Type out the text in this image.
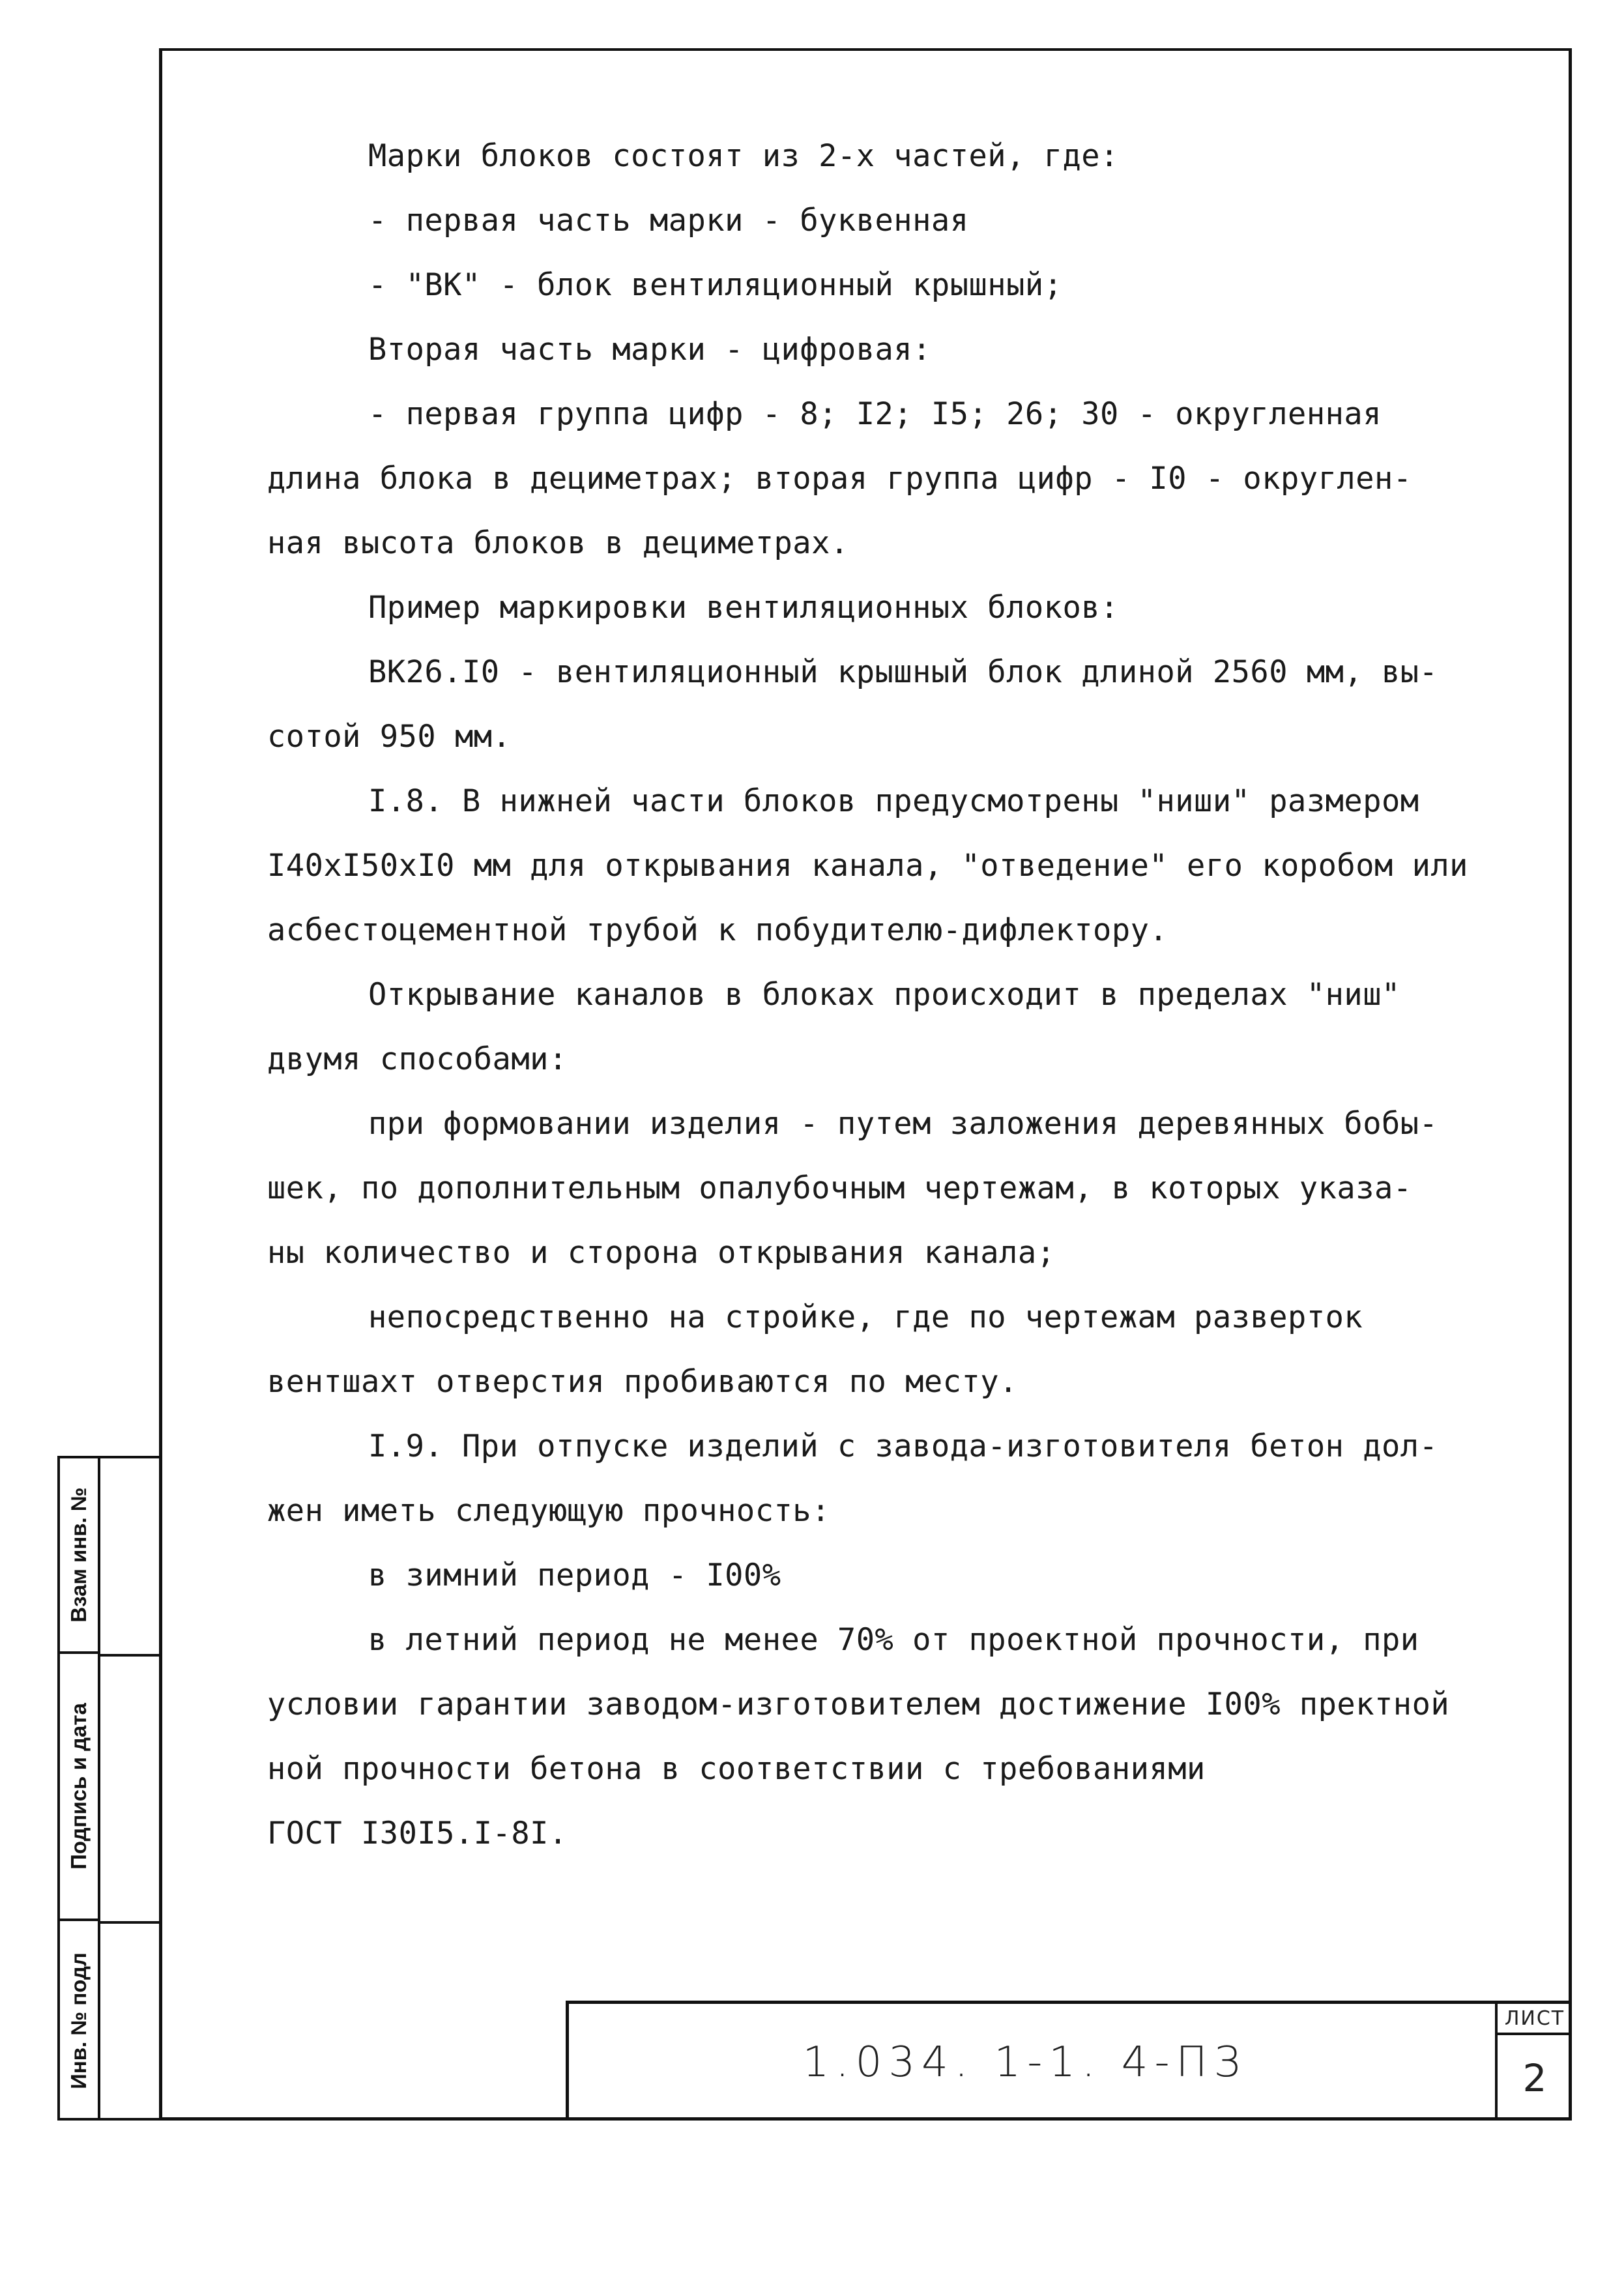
Марки блоков состоят из 2-х частей, где:

- первая часть марки - буквенная

- "ВК" - блок вентиляционный крышный;

Вторая часть марки - цифровая:

- первая группа цифр - 8; I2; I5; 26; 30 - округленная

длина блока в дециметрах; вторая группа цифр - I0 - округлен-

ная высота блоков в дециметрах.

Пример маркировки вентиляционных блоков:

ВК26.I0 - вентиляционный крышный блок длиной 2560 мм, вы-

сотой 950 мм.

I.8. В нижней части блоков предусмотрены "ниши" размером

I40xI50xI0 мм для открывания канала, "отведение" его коробом или

асбестоцементной трубой к побудителю-дифлектору.

Открывание каналов в блоках происходит в пределах "ниш"

двумя способами:

при формовании изделия - путем заложения деревянных бобы-

шек, по дополнительным опалубочным чертежам, в которых указа-

ны количество и сторона открывания канала;

непосредственно на стройке, где по чертежам разверток

вентшахт отверстия пробиваются по месту.

I.9. При отпуске изделий с завода-изготовителя бетон дол-

жен иметь следующую прочность:

в зимний период - I00%

в летний период не менее 70% от проектной прочности, при

условии гарантии заводом-изготовителем достижение I00% пректной

ной прочности бетона в соответствии с требованиями

ГОСТ I30I5.I-8I.

Взам инв. №
Подпись и дата
Инв. № подл	1.034. 1-1. 4-ПЗ
ЛИСТ
2
